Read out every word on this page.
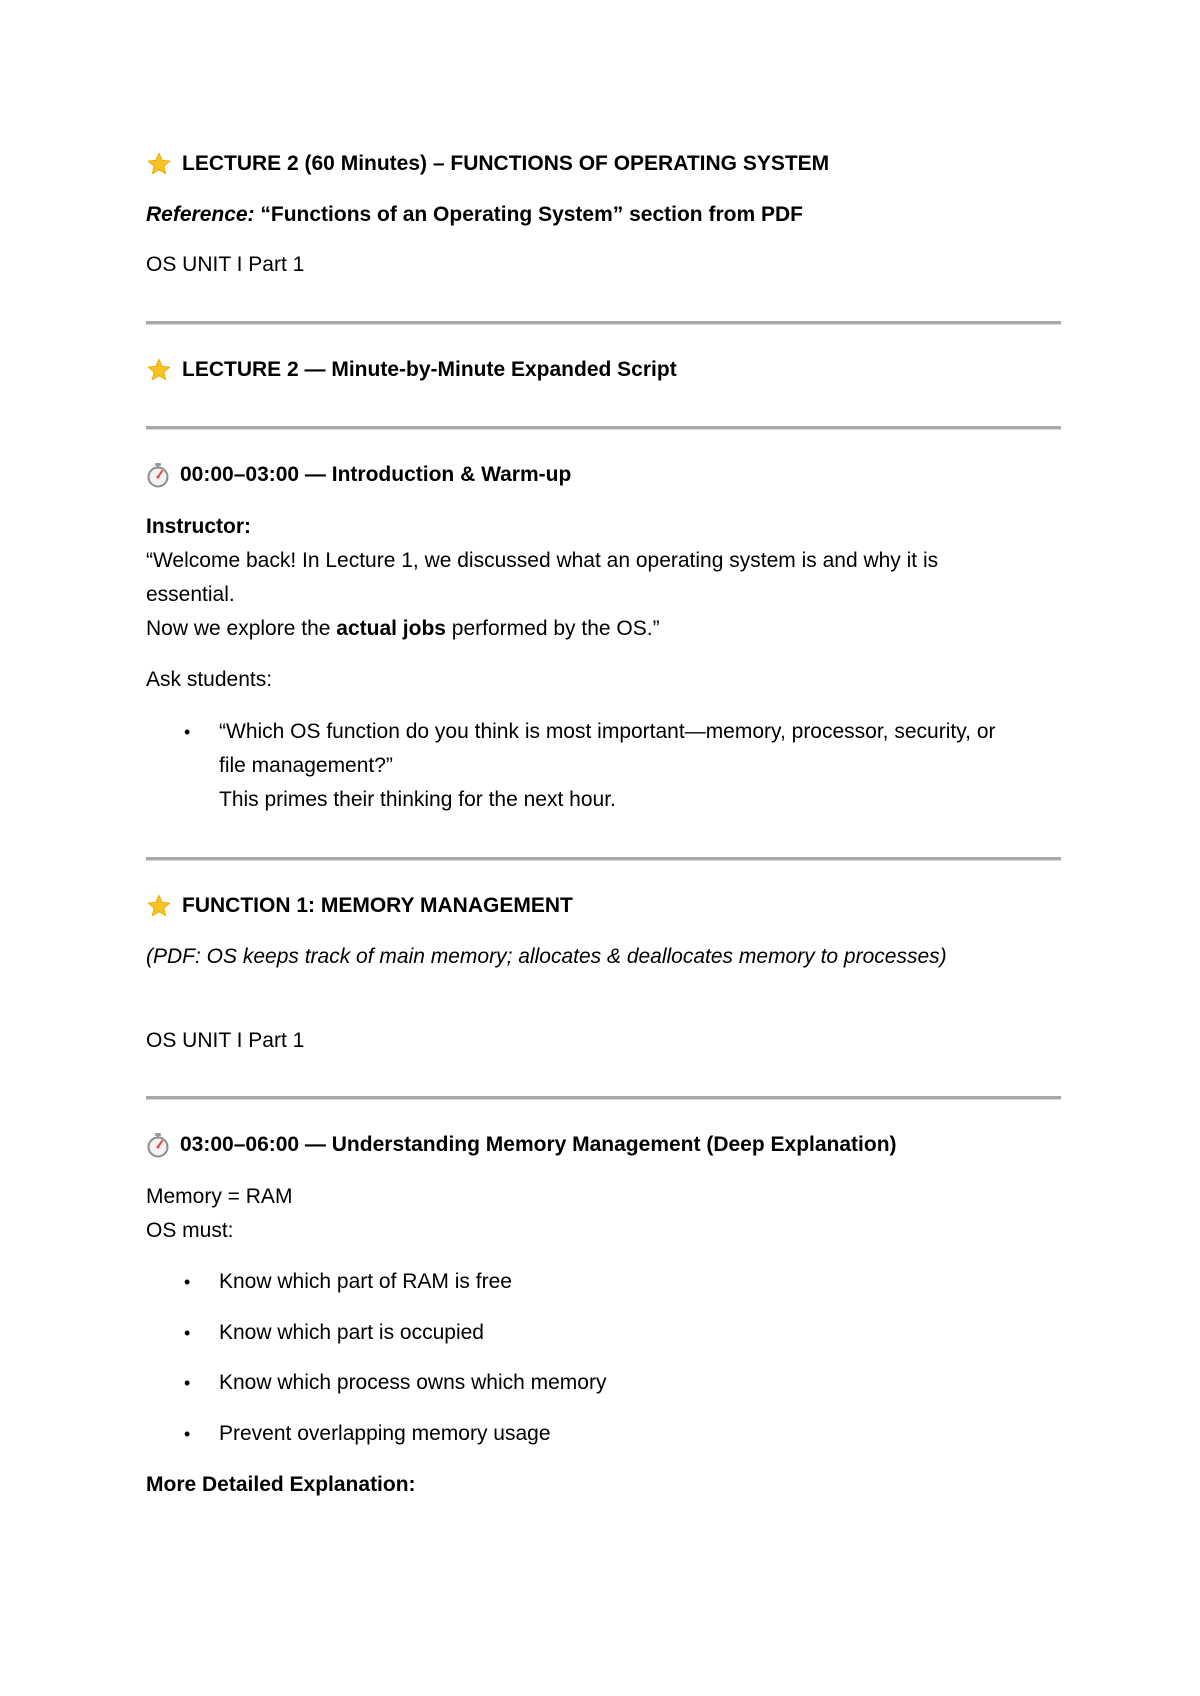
LECTURE 2 (60 Minutes) – FUNCTIONS OF OPERATING SYSTEM
Reference: “Functions of an Operating System” section from PDF
OS UNIT I Part 1
LECTURE 2 — Minute-by-Minute Expanded Script
00:00–03:00 — Introduction & Warm-up
Instructor:
“Welcome back! In Lecture 1, we discussed what an operating system is and why it is
essential.
Now we explore the actual jobs performed by the OS.”
Ask students:
•	“Which OS function do you think is most important—memory, processor, security, or
file management?”
This primes their thinking for the next hour.
FUNCTION 1: MEMORY MANAGEMENT
(PDF: OS keeps track of main memory; allocates & deallocates memory to processes)
OS UNIT I Part 1
03:00–06:00 — Understanding Memory Management (Deep Explanation)
Memory = RAM
OS must:
•	Know which part of RAM is free
•	Know which part is occupied
•	Know which process owns which memory
•	Prevent overlapping memory usage
More Detailed Explanation:
